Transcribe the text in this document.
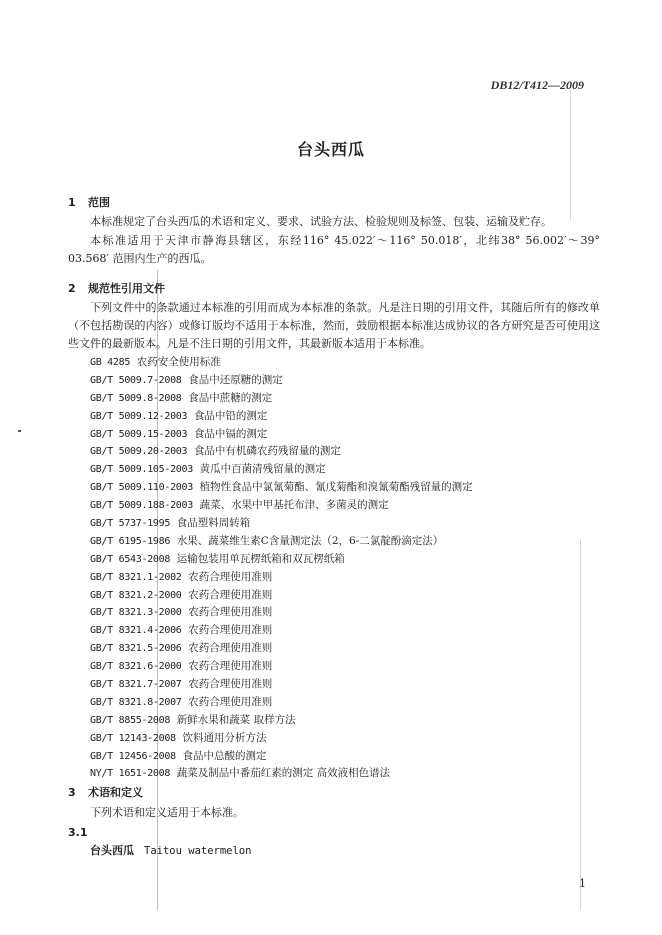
DB12/T412—2009
台头西瓜
1 范围

本标准规定了台头西瓜的术语和定义、要求、试验方法、检验规则及标签、包装、运输及贮存。

本标准适用于天津市静海县辖区，东经116° 45.022′～116° 50.018′，北纬38° 56.002′～39° 03.568′ 范围内生产的西瓜。

2 规范性引用文件

下列文件中的条款通过本标准的引用而成为本标准的条款。凡是注日期的引用文件，其随后所有的修改单（不包括勘误的内容）或修订版均不适用于本标准，然而，鼓励根据本标准达成协议的各方研究是否可使用这些文件的最新版本。凡是不注日期的引用文件，其最新版本适用于本标准。

GB 4285 农药安全使用标准
GB/T 5009.7-2008 食品中还原糖的测定
GB/T 5009.8-2008 食品中蔗糖的测定
GB/T 5009.12-2003 食品中铅的测定
GB/T 5009.15-2003 食品中镉的测定
GB/T 5009.20-2003 食品中有机磷农药残留量的测定
GB/T 5009.105-2003 黄瓜中百菌清残留量的测定
GB/T 5009.110-2003 植物性食品中氯氰菊酯、氰戊菊酯和溴氰菊酯残留量的测定
GB/T 5009.188-2003 蔬菜、水果中甲基托布津、多菌灵的测定
GB/T 5737-1995 食品塑料周转箱
GB/T 6195-1986 水果、蔬菜维生素C含量测定法（2，6-二氯靛酚滴定法）
GB/T 6543-2008 运输包装用单瓦楞纸箱和双瓦楞纸箱
GB/T 8321.1-2002 农药合理使用准则
GB/T 8321.2-2000 农药合理使用准则
GB/T 8321.3-2000 农药合理使用准则
GB/T 8321.4-2006 农药合理使用准则
GB/T 8321.5-2006 农药合理使用准则
GB/T 8321.6-2000 农药合理使用准则
GB/T 8321.7-2007 农药合理使用准则
GB/T 8321.8-2007 农药合理使用准则
GB/T 8855-2008 新鲜水果和蔬菜 取样方法
GB/T 12143-2008 饮料通用分析方法
GB/T 12456-2008 食品中总酸的测定
NY/T 1651-2008 蔬菜及制品中番茄红素的测定 高效液相色谱法
3 术语和定义

下列术语和定义适用于本标准。

3.1
台头西瓜 Taitou watermelon
1
